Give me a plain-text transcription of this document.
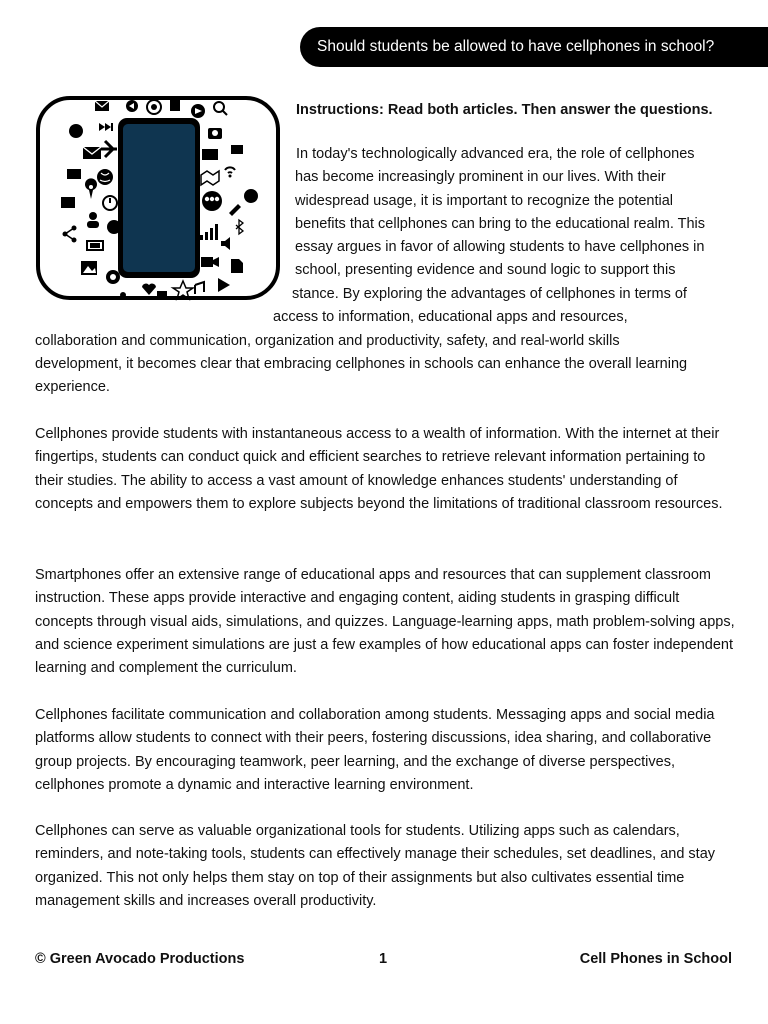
Should students be allowed to have cellphones in school?
Instructions: Read both articles. Then answer the questions.
In today's technologically advanced era, the role of cellphones
has become increasingly prominent in our lives. With their
widespread usage, it is important to recognize the potential
benefits that cellphones can bring to the educational realm. This
essay argues in favor of allowing students to have cellphones in
school, presenting evidence and sound logic to support this
stance. By exploring the advantages of cellphones in terms of
access to information, educational apps and resources,
collaboration and communication, organization and productivity, safety, and real-world skills
development, it becomes clear that embracing cellphones in schools can enhance the overall learning
experience.

Cellphones provide students with instantaneous access to a wealth of information. With the internet at their fingertips, students can conduct quick and efficient searches to retrieve relevant information pertaining to their studies. The ability to access a vast amount of knowledge enhances students' understanding of concepts and empowers them to explore subjects beyond the limitations of traditional classroom resources.

Smartphones offer an extensive range of educational apps and resources that can supplement classroom instruction. These apps provide interactive and engaging content, aiding students in grasping difficult concepts through visual aids, simulations, and quizzes. Language-learning apps, math problem-solving apps, and science experiment simulations are just a few examples of how educational apps can foster independent learning and complement the curriculum.

Cellphones facilitate communication and collaboration among students. Messaging apps and social media platforms allow students to connect with their peers, fostering discussions, idea sharing, and collaborative group projects. By encouraging teamwork, peer learning, and the exchange of diverse perspectives, cellphones promote a dynamic and interactive learning environment.

Cellphones can serve as valuable organizational tools for students. Utilizing apps such as calendars, reminders, and note-taking tools, students can effectively manage their schedules, set deadlines, and stay organized. This not only helps them stay on top of their assignments but also cultivates essential time management skills and increases overall productivity.

© Green Avocado Productions	1	Cell Phones in School
